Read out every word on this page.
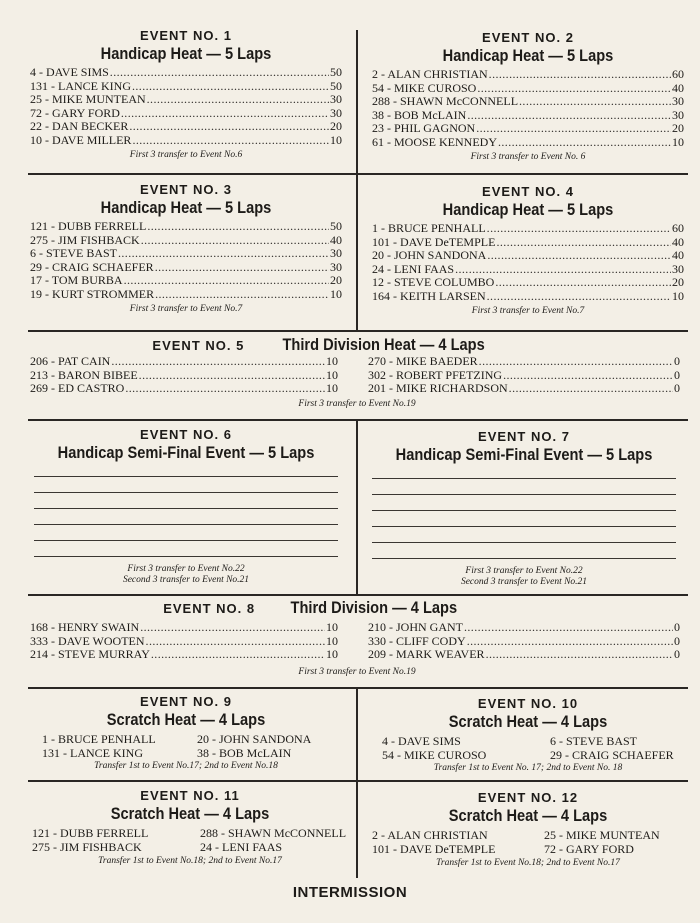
EVENT NO. 1
Handicap Heat — 5 Laps
4 - DAVE SIMS .....	50
131 - LANCE KING .....	50
25 - MIKE MUNTEAN .....	30
72 - GARY FORD .....	30
22 - DAN BECKER .....	20
10 - DAVE MILLER .....	10
First 3 transfer to Event No.6
EVENT NO. 2
Handicap Heat — 5 Laps
2 - ALAN CHRISTIAN .....	60
54 - MIKE CUROSO .....	40
288 - SHAWN McCONNELL .....	30
38 - BOB McLAIN .....	30
23 - PHIL GAGNON .....	20
61 - MOOSE KENNEDY .....	10
First 3 transfer to Event No. 6
EVENT NO. 3
Handicap Heat — 5 Laps
121 - DUBB FERRELL .....	50
275 - JIM FISHBACK .....	40
6 - STEVE BAST .....	30
29 - CRAIG SCHAEFER .....	30
17 - TOM BURBA .....	20
19 - KURT STROMMER .....	10
First 3 transfer to Event No.7
EVENT NO. 4
Handicap Heat — 5 Laps
1 - BRUCE PENHALL .....	60
101 - DAVE DeTEMPLE .....	40
20 - JOHN SANDONA .....	40
24 - LENI FAAS .....	30
12 - STEVE COLUMBO .....	20
164 - KEITH LARSEN .....	10
First 3 transfer to Event No.7
EVENT NO. 5 Third Division Heat — 4 Laps
206 - PAT CAIN .....	10
213 - BARON BIBEE .....	10
269 - ED CASTRO .....	10
270 - MIKE BAEDER .....	0
302 - ROBERT PFETZING .....	0
201 - MIKE RICHARDSON .....	0
First 3 transfer to Event No.19
EVENT NO. 6
Handicap Semi-Final Event — 5 Laps
First 3 transfer to Event No.22
Second 3 transfer to Event No.21
EVENT NO. 7
Handicap Semi-Final Event — 5 Laps
First 3 transfer to Event No.22
Second 3 transfer to Event No.21
EVENT NO. 8 Third Division — 4 Laps
168 - HENRY SWAIN .....	10
333 - DAVE WOOTEN .....	10
214 - STEVE MURRAY .....	10
210 - JOHN GANT .....	0
330 - CLIFF CODY .....	0
209 - MARK WEAVER .....	0
First 3 transfer to Event No.19
EVENT NO. 9
Scratch Heat — 4 Laps
1 - BRUCE PENHALL	20 - JOHN SANDONA
131 - LANCE KING	38 - BOB McLAIN
Transfer 1st to Event No.17; 2nd to Event No.18
EVENT NO. 10
Scratch Heat — 4 Laps
4 - DAVE SIMS	6 - STEVE BAST
54 - MIKE CUROSO	29 - CRAIG SCHAEFER
Transfer 1st to Event No. 17; 2nd to Event No. 18
EVENT NO. 11
Scratch Heat — 4 Laps
121 - DUBB FERRELL	288 - SHAWN McCONNELL
275 - JIM FISHBACK	24 - LENI FAAS
Transfer 1st to Event No.18; 2nd to Event No.17
EVENT NO. 12
Scratch Heat — 4 Laps
2 - ALAN CHRISTIAN	25 - MIKE MUNTEAN
101 - DAVE DeTEMPLE	72 - GARY FORD
Transfer 1st to Event No.18; 2nd to Event No.17
INTERMISSION
